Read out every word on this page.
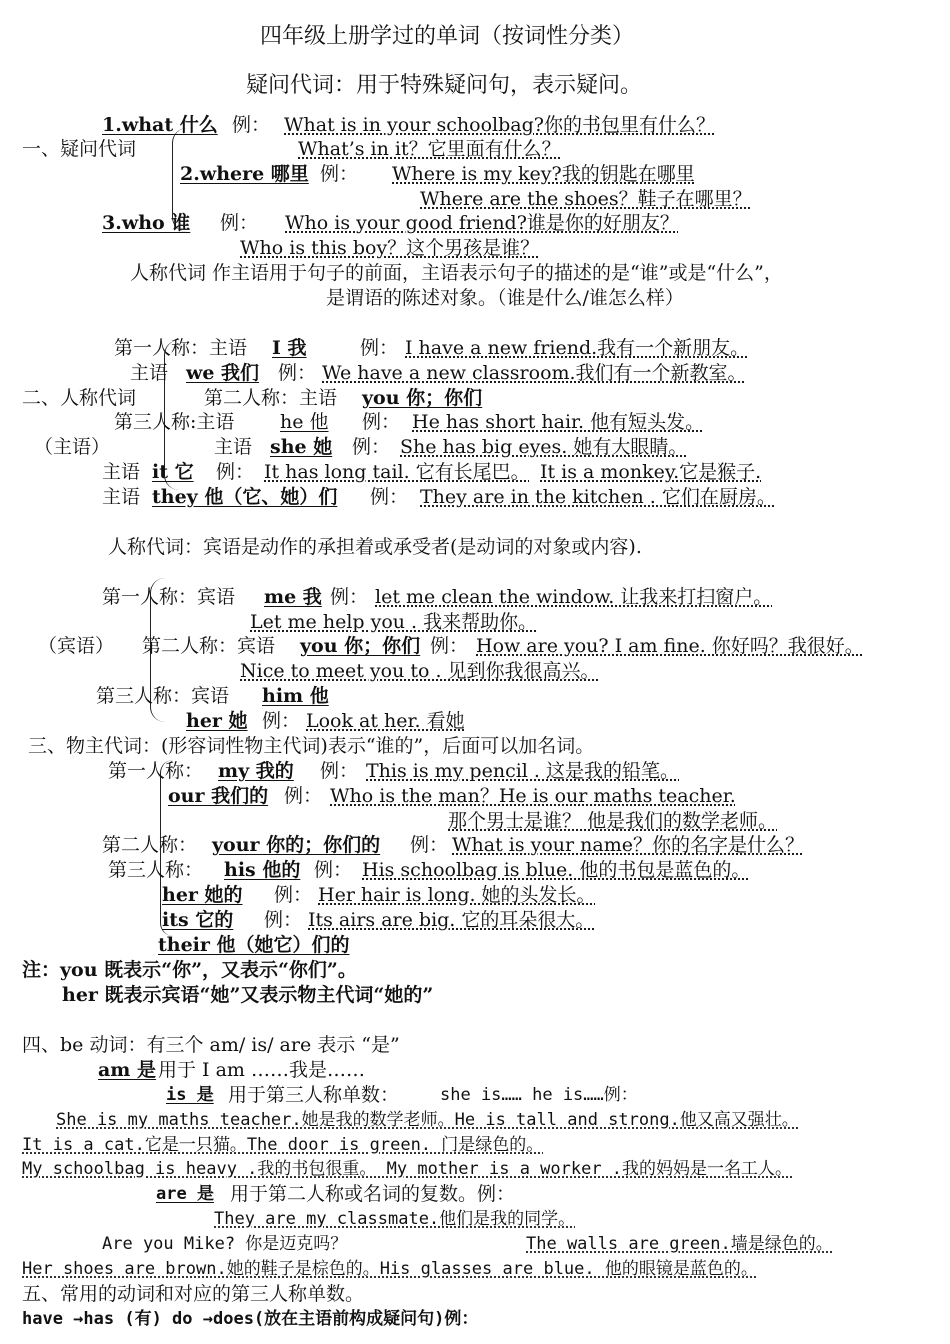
四年级上册学过的单词（按词性分类）
疑问代词：用于特殊疑问句，表示疑问。
一、疑问代词
1.what 什么 例： What is in your schoolbag?你的书包里有什么？
What’s in it？它里面有什么？
2.where 哪里 例： Where is my key?我的钥匙在哪里
Where are the shoes？鞋子在哪里？
3.who 谁 例： Who is your good friend?谁是你的好朋友？
Who is this boy？这个男孩是谁？
人称代词 作主语用于句子的前面，主语表示句子的描述的是“谁”或是“什么”，
是谓语的陈述对象。（谁是什么/谁怎么样）
第一人称：主语 I 我	例： I have a new friend.我有一个新朋友。
主语 we 我们 例： We have a new classroom.我们有一个新教室。
二、人称代词	第二人称：主语 you 你；你们
第三人称:主语 he 他 例： He has short hair. 他有短头发。
（主语）	主语 she 她 例： She has big eyes. 她有大眼睛。
主语 it 它 例： It has long tail. 它有长尾巴。 It is a monkey.它是猴子.
主语 they 他（它、她）们 例： They are in the kitchen . 它们在厨房。
人称代词：宾语是动作的承担着或承受者(是动词的对象或内容).
第一人称：宾语 me 我 例： let me clean the window. 让我来打扫窗户。
Let me help you . 我来帮助你。
（宾语） 第二人称：宾语 you 你；你们 例： How are you? I am fine. 你好吗？我很好。
Nice to meet you to . 见到你我很高兴。
第三人称：宾语 him 他
her 她 例： Look at her. 看她
三、物主代词：(形容词性物主代词)表示“谁的”，后面可以加名词。
第一人称： my 我的 例： This is my pencil . 这是我的铅笔。
our 我们的 例： Who is the man？He is our maths teacher.
那个男士是谁？ 他是我们的数学老师。
第二人称： your 你的；你们的 例： What is your name？你的名字是什么？
第三人称： his 他的 例： His schoolbag is blue. 他的书包是蓝色的。
her 她的 例： Her hair is long. 她的头发长。
its 它的 例： Its airs are big. 它的耳朵很大。
their 他（她它）们的
注：you 既表示“你”，又表示“你们”。
her 既表示宾语“她”又表示物主代词“她的”
四、be 动词：有三个 am/ is/ are 表示 “是”
am 是 用于 I am ……我是……
is 是 用于第三人称单数： she is…… he is……例：
She is my maths teacher.她是我的数学老师。He is tall and strong.他又高又强壮。
It is a cat.它是一只猫。The door is green. 门是绿色的。
My schoolbag is heavy .我的书包很重。 My mother is a worker .我的妈妈是一名工人。
are 是 用于第二人称或名词的复数。例：
They are my classmate.他们是我的同学。
Are you Mike? 你是迈克吗？	The walls are green.墙是绿色的。
Her shoes are brown.她的鞋子是棕色的。His glasses are blue. 他的眼镜是蓝色的。
五、常用的动词和对应的第三人称单数。
have →has (有) do →does(放在主语前构成疑问句)例：
